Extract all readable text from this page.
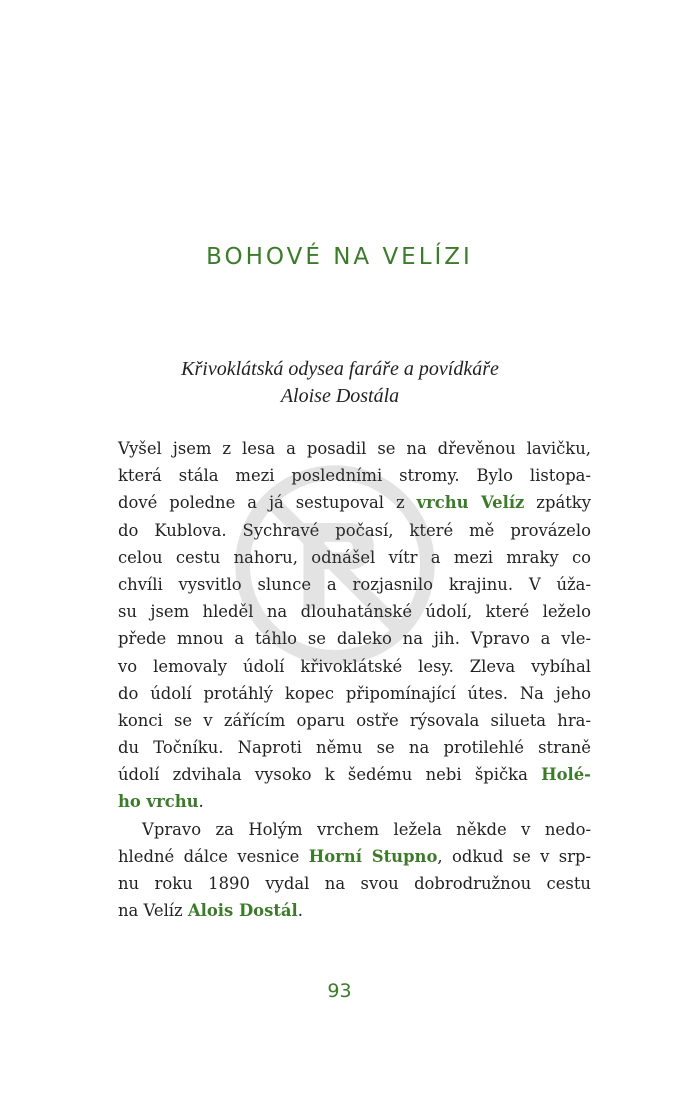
BOHOVÉ NA VELÍZI

Křivoklátská odysea faráře a povídkáře
Aloise Dostála

Vyšel jsem z lesa a posadil se na dřevěnou lavičku,
která stála mezi posledními stromy. Bylo listopa-
dové poledne a já sestupoval z vrchu Velíz zpátky
do Kublova. Sychravé počasí, které mě provázelo
celou cestu nahoru, odnášel vítr a mezi mraky co
chvíli vysvitlo slunce a rozjasnilo krajinu. V úža-
su jsem hleděl na dlouhatánské údolí, které leželo
přede mnou a táhlo se daleko na jih. Vpravo a vle-
vo lemovaly údolí křivoklátské lesy. Zleva vybíhal
do údolí protáhlý kopec připomínající útes. Na jeho
konci se v zářícím oparu ostře rýsovala silueta hra-
du Točníku. Naproti němu se na protilehlé straně
údolí zdvihala vysoko k šedému nebi špička Holé-
ho vrchu.
Vpravo za Holým vrchem ležela někde v nedo-
hledné dálce vesnice Horní Stupno, odkud se v srp-
nu roku 1890 vydal na svou dobrodružnou cestu
na Velíz Alois Dostál.

93
